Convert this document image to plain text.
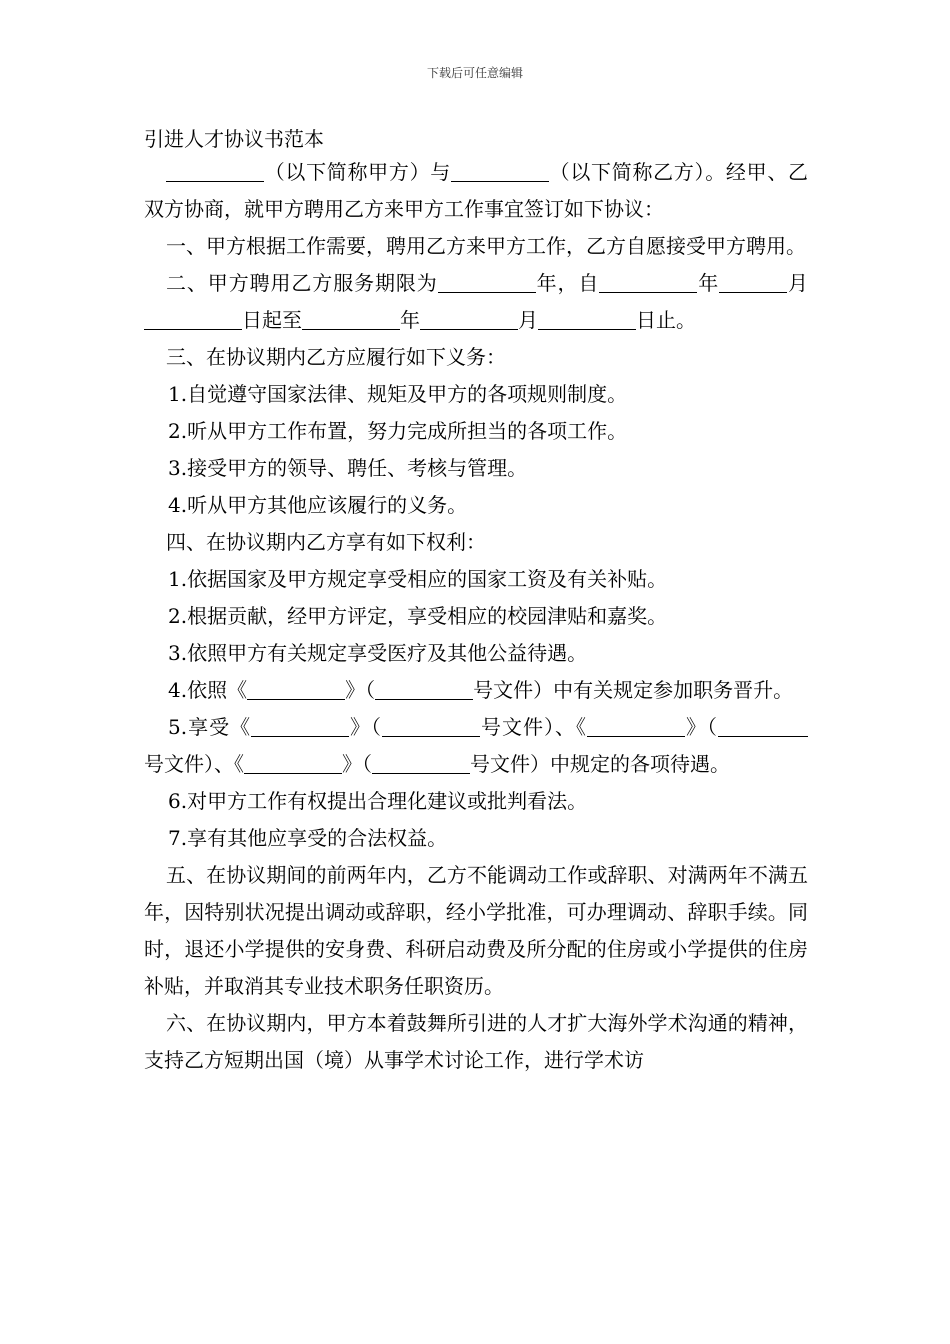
下载后可任意编辑

引进人才协议书范本

（以下简称甲方）与	（以下简称乙方）。经甲、乙双方协商，就甲方聘用乙方来甲方工作事宜签订如下协议：

一、甲方根据工作需要，聘用乙方来甲方工作，乙方自愿接受甲方聘用。

二、甲方聘用乙方服务期限为	年，自	年	月日起至	年	月	日止。

三、在协议期内乙方应履行如下义务：

1.自觉遵守国家法律、规矩及甲方的各项规则制度。

2.听从甲方工作布置，努力完成所担当的各项工作。

3.接受甲方的领导、聘任、考核与管理。

4.听从甲方其他应该履行的义务。

四、在协议期内乙方享有如下权利：

1.依据国家及甲方规定享受相应的国家工资及有关补贴。

2.根据贡献，经甲方评定，享受相应的校园津贴和嘉奖。

3.依照甲方有关规定享受医疗及其他公益待遇。

4.依照《	》（	号文件）中有关规定参加职务晋升。

5.享受《	》（	号文件）、《	》（号文件）、《	》（	号文件）中规定的各项待遇。

6.对甲方工作有权提出合理化建议或批判看法。

7.享有其他应享受的合法权益。

五、在协议期间的前两年内，乙方不能调动工作或辞职、对满两年不满五年，因特别状况提出调动或辞职，经小学批准，可办理调动、辞职手续。同时，退还小学提供的安身费、科研启动费及所分配的住房或小学提供的住房补贴，并取消其专业技术职务任职资历。

六、在协议期内，甲方本着鼓舞所引进的人才扩大海外学术沟通的精神，支持乙方短期出国（境）从事学术讨论工作，进行学术访
